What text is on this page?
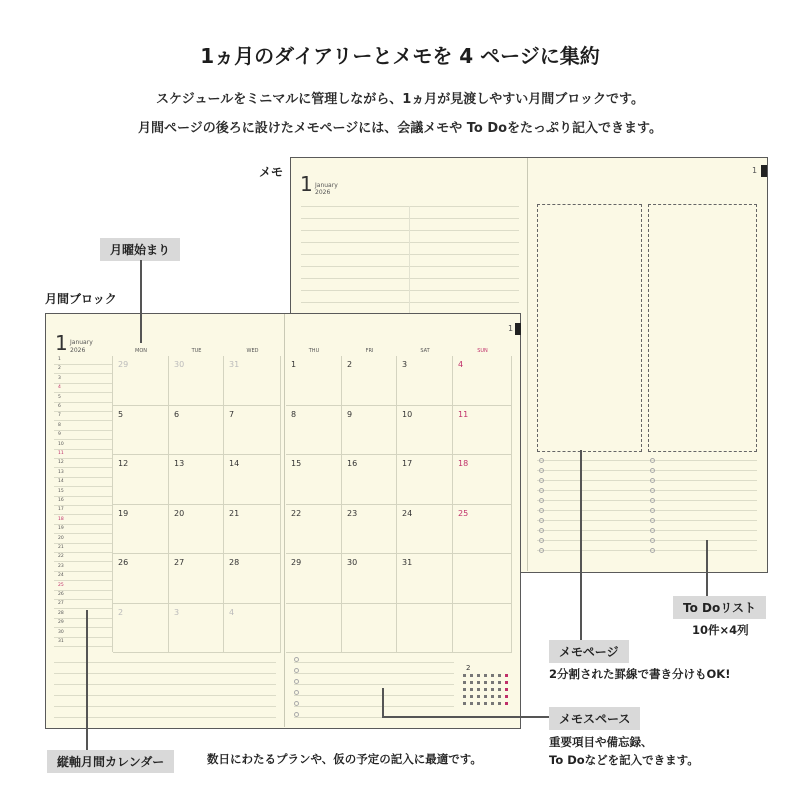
1ヵ月のダイアリーとメモを 4 ページに集約
スケジュールをミニマルに管理しながら、1ヵ月が見渡しやすい月間ブロックです。
月間ページの後ろに設けたメモページには、会議メモや To Doをたっぷり記入できます。
1 January
2026
1
1 January
2026
1
1
2
3
4
5
6
7
8
9
10
11
12
13
14
15
16
17
18
19
20
21
22
23
24
25
26
27
28
29
30
31
MON	TUE	WED	THU	FRI	SAT	SUN
29	30	31	1	2	3	4
5	6	7	8	9	10	11
12	13	14	15	16	17	18
19	20	21	22	23	24	25
26	27	28	29	30	31
2	3	4
2
メモ
月曜始まり
月間ブロック
To Doリスト
10件×4列
メモページ
2分割された罫線で書き分けもOK!
メモスペース
重要項目や備忘録、
To Doなどを記入できます。
縦軸月間カレンダー	数日にわたるプランや、仮の予定の記入に最適です。
